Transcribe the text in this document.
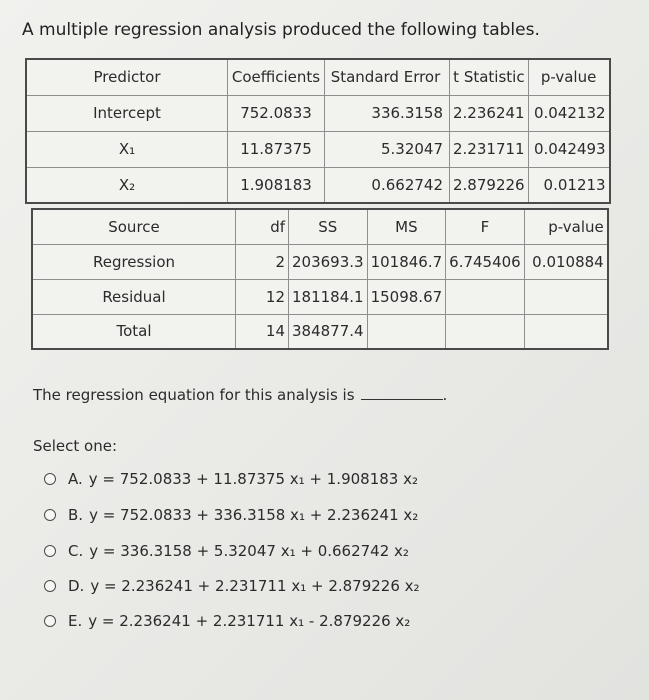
A multiple regression analysis produced the following tables.
Predictor	Coefficients	Standard Error	t Statistic	p-value
Intercept	752.0833	336.3158	2.236241	0.042132
X₁	11.87375	5.32047	2.231711	0.042493
X₂	1.908183	0.662742	2.879226	0.01213
Source	df	SS	MS	F	p-value
Regression	2	203693.3	101846.7	6.745406	0.010884
Residual	12	181184.1	15098.67		
Total	14	384877.4			
The regression equation for this analysis is	.
Select one:
A. y = 752.0833 + 11.87375 x₁ + 1.908183 x₂
B. y = 752.0833 + 336.3158 x₁ + 2.236241 x₂
C. y = 336.3158 + 5.32047 x₁ + 0.662742 x₂
D. y = 2.236241 + 2.231711 x₁ + 2.879226 x₂
E. y = 2.236241 + 2.231711 x₁ - 2.879226 x₂
